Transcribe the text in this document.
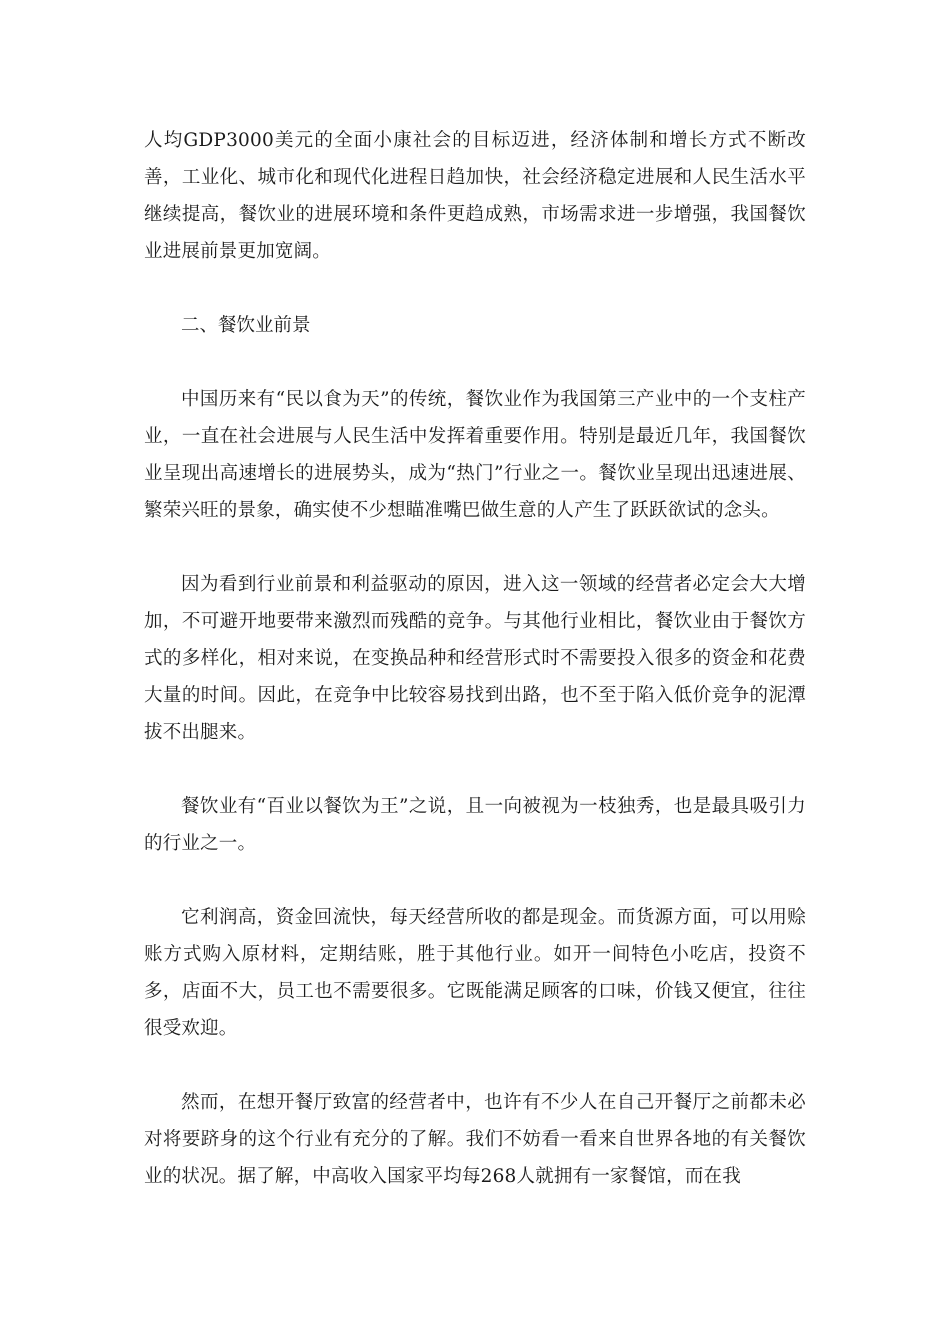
人均GDP3000美元的全面小康社会的目标迈进，经济体制和增长方式不断改善，工业化、城市化和现代化进程日趋加快，社会经济稳定进展和人民生活水平继续提高，餐饮业的进展环境和条件更趋成熟，市场需求进一步增强，我国餐饮业进展前景更加宽阔。

二、餐饮业前景

中国历来有“民以食为天”的传统，餐饮业作为我国第三产业中的一个支柱产业，一直在社会进展与人民生活中发挥着重要作用。特别是最近几年，我国餐饮业呈现出高速增长的进展势头，成为“热门”行业之一。餐饮业呈现出迅速进展、繁荣兴旺的景象，确实使不少想瞄准嘴巴做生意的人产生了跃跃欲试的念头。

因为看到行业前景和利益驱动的原因，进入这一领域的经营者必定会大大增加，不可避开地要带来激烈而残酷的竞争。与其他行业相比，餐饮业由于餐饮方式的多样化，相对来说，在变换品种和经营形式时不需要投入很多的资金和花费大量的时间。因此，在竞争中比较容易找到出路，也不至于陷入低价竞争的泥潭拔不出腿来。

餐饮业有“百业以餐饮为王”之说，且一向被视为一枝独秀，也是最具吸引力的行业之一。

它利润高，资金回流快，每天经营所收的都是现金。而货源方面，可以用赊账方式购入原材料，定期结账，胜于其他行业。如开一间特色小吃店，投资不多，店面不大，员工也不需要很多。它既能满足顾客的口味，价钱又便宜，往往很受欢迎。

然而，在想开餐厅致富的经营者中，也许有不少人在自己开餐厅之前都未必对将要跻身的这个行业有充分的了解。我们不妨看一看来自世界各地的有关餐饮业的状况。据了解，中高收入国家平均每268人就拥有一家餐馆，而在我
